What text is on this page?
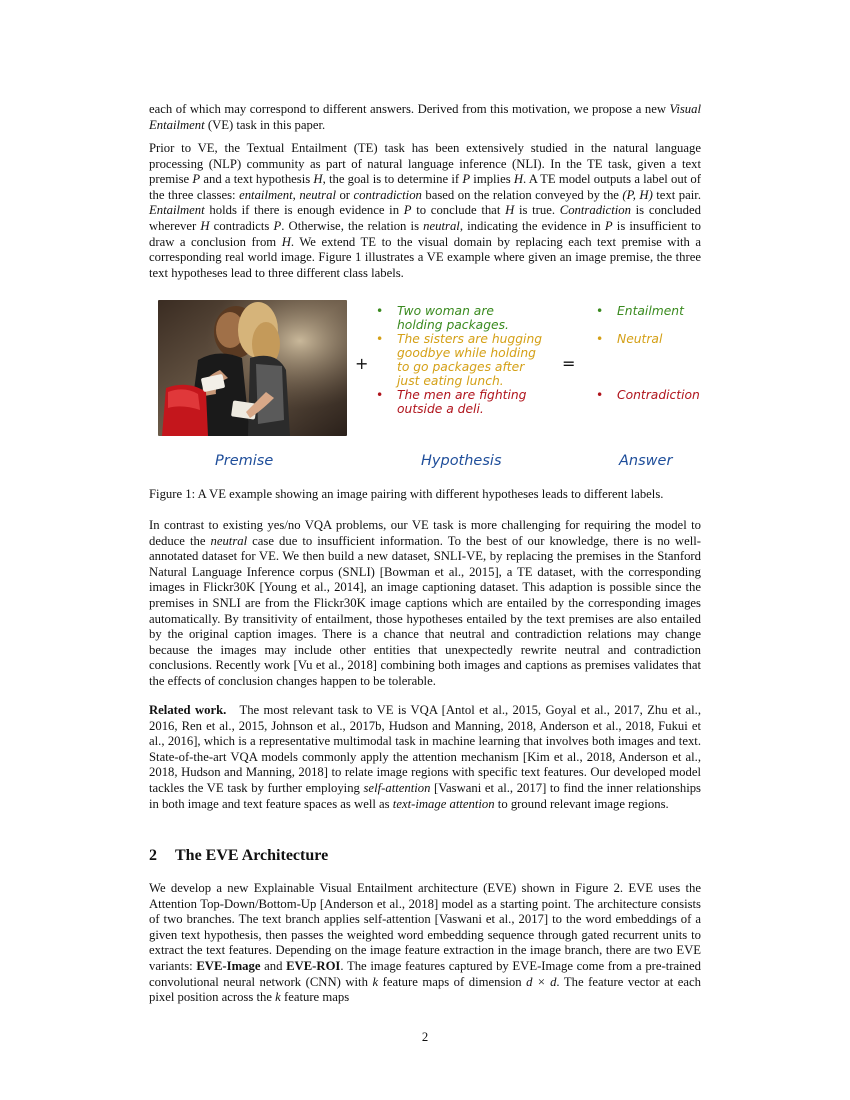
each of which may correspond to different answers. Derived from this motivation, we propose a new Visual Entailment (VE) task in this paper.

Prior to VE, the Textual Entailment (TE) task has been extensively studied in the natural language processing (NLP) community as part of natural language inference (NLI). In the TE task, given a text premise P and a text hypothesis H, the goal is to determine if P implies H. A TE model outputs a label out of the three classes: entailment, neutral or contradiction based on the relation conveyed by the (P, H) text pair. Entailment holds if there is enough evidence in P to conclude that H is true. Contradiction is concluded wherever H contradicts P. Otherwise, the relation is neutral, indicating the evidence in P is insufficient to draw a conclusion from H. We extend TE to the visual domain by replacing each text premise with a corresponding real world image. Figure 1 illustrates a VE example where given an image premise, the three text hypotheses lead to three different class labels.

+
• Two woman are holding packages.
• The sisters are hugging goodbye while holding to go packages after just eating lunch.
• The men are fighting outside a deli.
=
• Entailment
• Neutral
• Contradiction
Premise	Hypothesis	Answer
Figure 1: A VE example showing an image pairing with different hypotheses leads to different labels.

In contrast to existing yes/no VQA problems, our VE task is more challenging for requiring the model to deduce the neutral case due to insufficient information. To the best of our knowledge, there is no well-annotated dataset for VE. We then build a new dataset, SNLI-VE, by replacing the premises in the Stanford Natural Language Inference corpus (SNLI) [Bowman et al., 2015], a TE dataset, with the corresponding images in Flickr30K [Young et al., 2014], an image captioning dataset. This adaption is possible since the premises in SNLI are from the Flickr30K image captions which are entailed by the corresponding images automatically. By transitivity of entailment, those hypotheses entailed by the text premises are also entailed by the original caption images. There is a chance that neutral and contradiction relations may change because the images may include other entities that unexpectedly rewrite neutral and contradiction conclusions. Recently work [Vu et al., 2018] combining both images and captions as premises validates that the effects of conclusion changes happen to be tolerable.

Related work. The most relevant task to VE is VQA [Antol et al., 2015, Goyal et al., 2017, Zhu et al., 2016, Ren et al., 2015, Johnson et al., 2017b, Hudson and Manning, 2018, Anderson et al., 2018, Fukui et al., 2016], which is a representative multimodal task in machine learning that involves both images and text. State-of-the-art VQA models commonly apply the attention mechanism [Kim et al., 2018, Anderson et al., 2018, Hudson and Manning, 2018] to relate image regions with specific text features. Our developed model tackles the VE task by further employing self-attention [Vaswani et al., 2017] to find the inner relationships in both image and text feature spaces as well as text-image attention to ground relevant image regions.

2 The EVE Architecture

We develop a new Explainable Visual Entailment architecture (EVE) shown in Figure 2. EVE uses the Attention Top-Down/Bottom-Up [Anderson et al., 2018] model as a starting point. The architecture consists of two branches. The text branch applies self-attention [Vaswani et al., 2017] to the word embeddings of a given text hypothesis, then passes the weighted word embedding sequence through gated recurrent units to extract the text features. Depending on the image feature extraction in the image branch, there are two EVE variants: EVE-Image and EVE-ROI. The image features captured by EVE-Image come from a pre-trained convolutional neural network (CNN) with k feature maps of dimension d × d. The feature vector at each pixel position across the k feature maps

2
